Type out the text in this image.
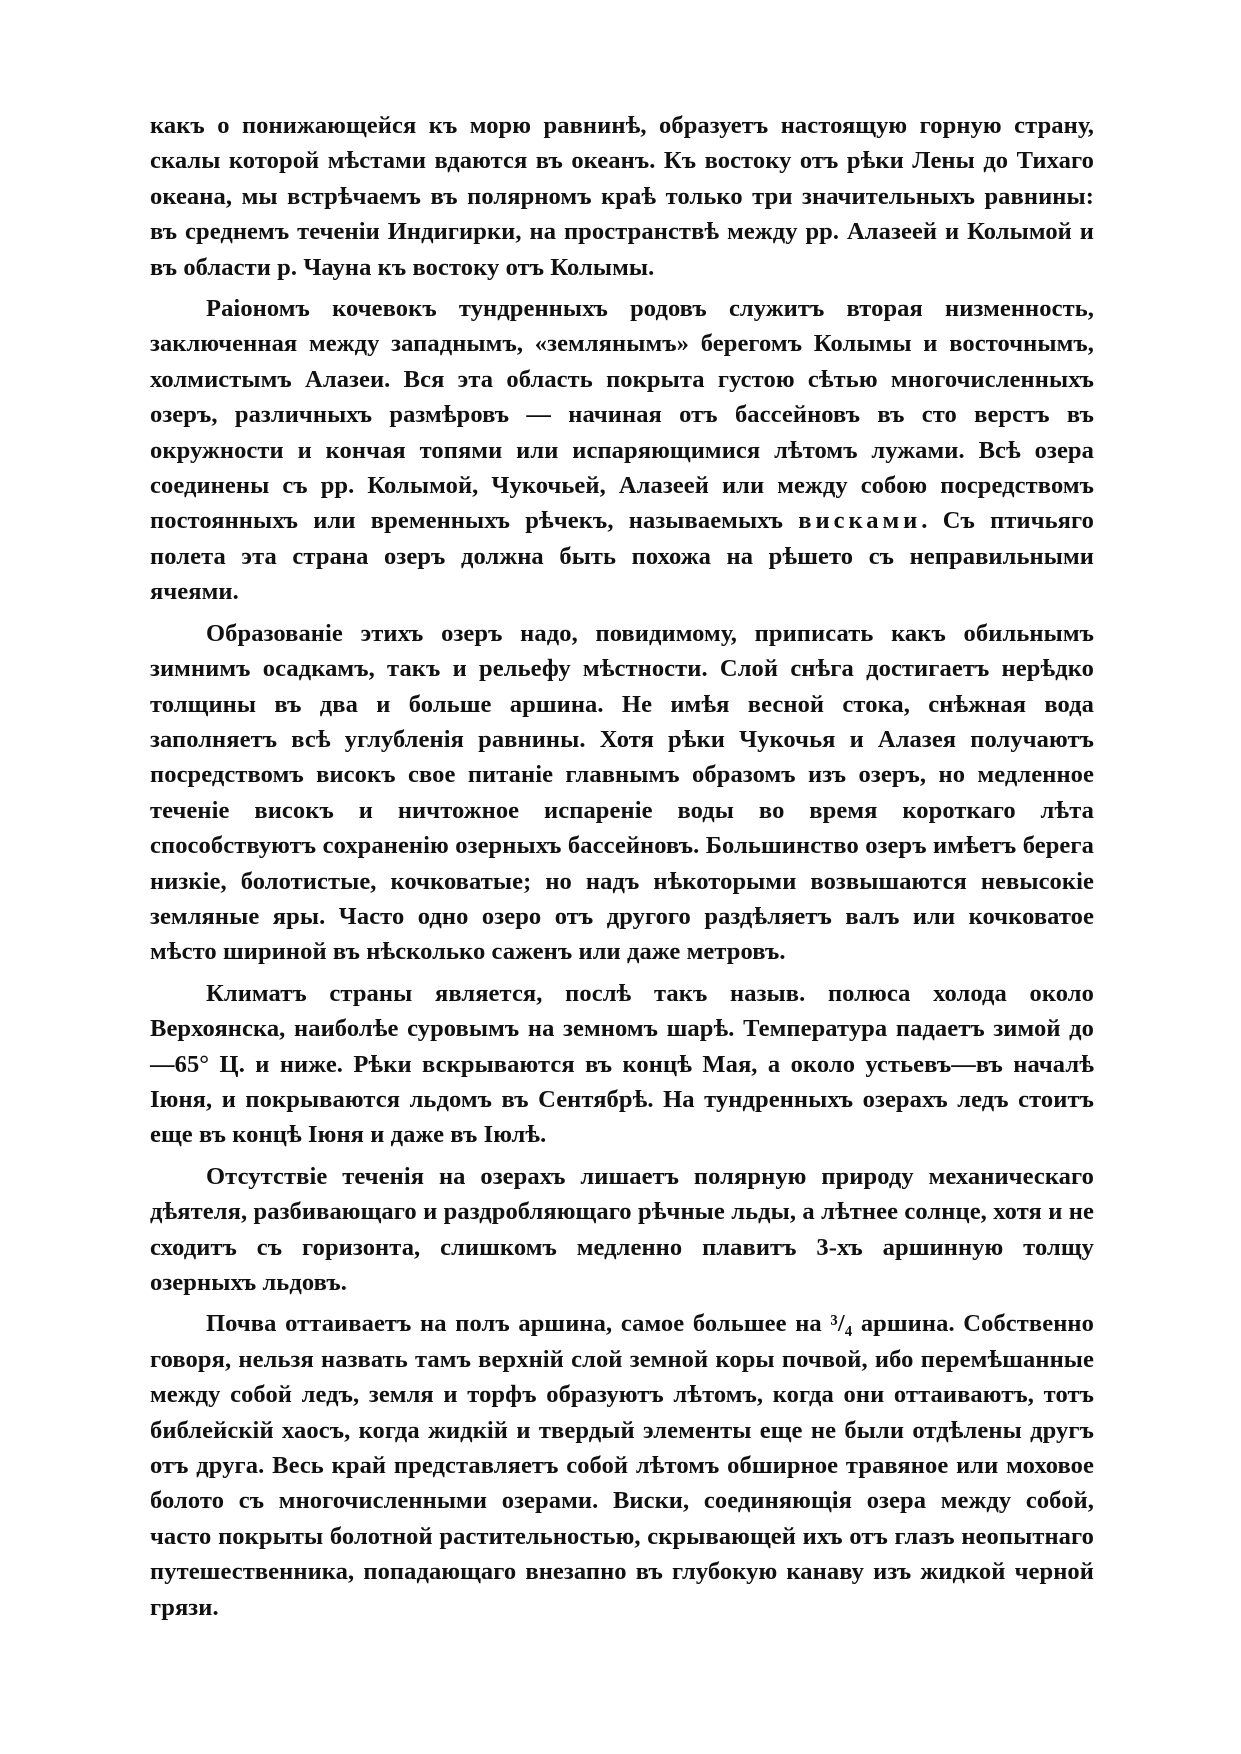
какъ о понижающейся къ морю равнинѣ, образуетъ настоящую горную страну, скалы которой мѣстами вдаются въ океанъ. Къ востоку отъ рѣки Лены до Тихаго океана, мы встрѣчаемъ въ полярномъ краѣ только три значительныхъ равнины: въ среднемъ теченіи Индигирки, на пространствѣ между рр. Алазеей и Колымой и въ области р. Чауна къ востоку отъ Колымы.

Раіономъ кочевокъ тундренныхъ родовъ служитъ вторая низменность, заключенная между западнымъ, «землянымъ» берегомъ Колымы и восточнымъ, холмистымъ Алазеи. Вся эта область покрыта густою сѣтью многочисленныхъ озеръ, различныхъ размѣровъ — начиная отъ бассейновъ въ сто верстъ въ окружности и кончая топями или испаряющимися лѣтомъ лужами. Всѣ озера соединены съ рр. Колымой, Чукочьей, Алазеей или между собою посредствомъ постоянныхъ или временныхъ рѣчекъ, называемыхъ висками. Съ птичьяго полета эта страна озеръ должна быть похожа на рѣшето съ неправильными ячеями.

Образованіе этихъ озеръ надо, повидимому, приписать какъ обильнымъ зимнимъ осадкамъ, такъ и рельефу мѣстности. Слой снѣга достигаетъ нерѣдко толщины въ два и больше аршина. Не имѣя весной стока, снѣжная вода заполняетъ всѣ углубленія равнины. Хотя рѣки Чукочья и Алазея получаютъ посредствомъ високъ свое питаніе главнымъ образомъ изъ озеръ, но медленное теченіе високъ и ничтожное испареніе воды во время короткаго лѣта способствуютъ сохраненію озерныхъ бассейновъ. Большинство озеръ имѣетъ берега низкіе, болотистые, кочковатые; но надъ нѣкоторыми возвышаются невысокіе земляные яры. Часто одно озеро отъ другого раздѣляетъ валъ или кочковатое мѣсто шириной въ нѣсколько саженъ или даже метровъ.

Климатъ страны является, послѣ такъ назыв. полюса холода около Верхоянска, наиболѣе суровымъ на земномъ шарѣ. Температура падаетъ зимой до—65° Ц. и ниже. Рѣки вскрываются въ концѣ Мая, а около устьевъ—въ началѣ Іюня, и покрываются льдомъ въ Сентябрѣ. На тундренныхъ озерахъ ледъ стоитъ еще въ концѣ Іюня и даже въ Іюлѣ.

Отсутствіе теченія на озерахъ лишаетъ полярную природу механическаго дѣятеля, разбивающаго и раздробляющаго рѣчные льды, а лѣтнее солнце, хотя и не сходитъ съ горизонта, слишкомъ медленно плавитъ 3-хъ аршинную толщу озерныхъ льдовъ.

Почва оттаиваетъ на полъ аршина, самое большее на ³/₄ аршина. Собственно говоря, нельзя назвать тамъ верхній слой земной коры почвой, ибо перемѣшанные между собой ледъ, земля и торфъ образуютъ лѣтомъ, когда они оттаиваютъ, тотъ библейскій хаосъ, когда жидкій и твердый элементы еще не были отдѣлены другъ отъ друга. Весь край представляетъ собой лѣтомъ обширное травяное или моховое болото съ многочисленными озерами. Виски, соединяющія озера между собой, часто покрыты болотной растительностью, скрывающей ихъ отъ глазъ неопытнаго путешественника, попадающаго внезапно въ глубокую канаву изъ жидкой черной грязи.
